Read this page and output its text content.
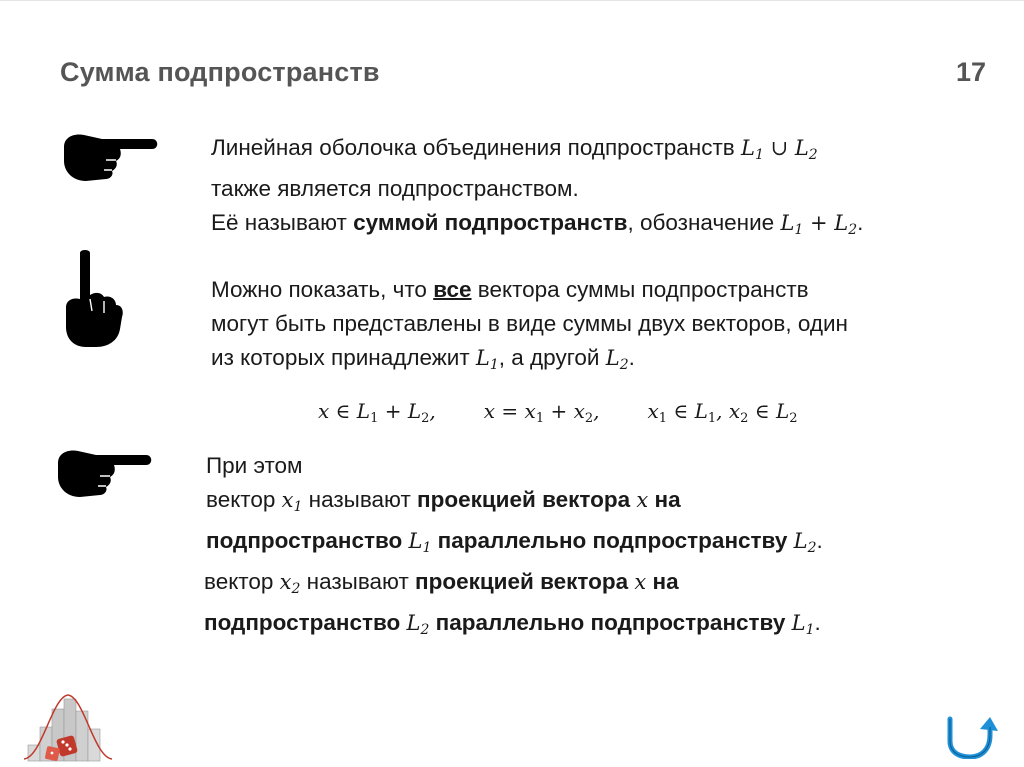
Сумма подпространств	17
Линейная оболочка объединения подпространств $L_1$ ∪ $L_2$
также является подпространством.
Её называют суммой подпространств, обозначение $L_1 + L_2$.
Можно показать, что все вектора суммы подпространств
могут быть представлены в виде суммы двух векторов, один
из которых принадлежит $L_1$, а другой $L_2$.
x ∈ $L_1 + L_2$, $x = x_1 + x_2$, $x_1$ ∈ $L_1$, $x_2$ ∈ $L_2$
При этом
вектор $x_1$ называют проекцией вектора x на
подпространство $L_1$ параллельно подпространству $L_2$.
вектор $x_2$ называют проекцией вектора x на
подпространство $L_2$ параллельно подпространству $L_1$.
